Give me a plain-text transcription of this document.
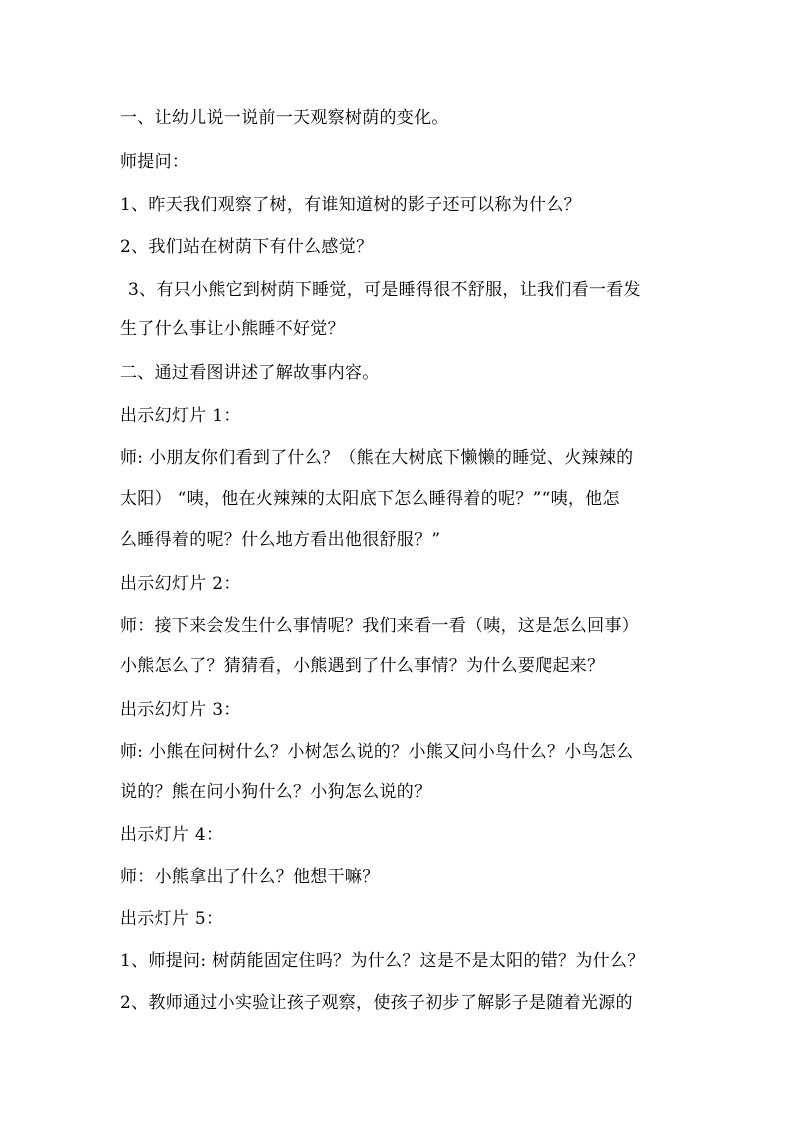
一、让幼儿说一说前一天观察树荫的变化。
师提问：
1、昨天我们观察了树，有谁知道树的影子还可以称为什么？
2、我们站在树荫下有什么感觉？
3、有只小熊它到树荫下睡觉，可是睡得很不舒服，让我们看一看发
生了什么事让小熊睡不好觉？
二、通过看图讲述了解故事内容。
出示幻灯片 1：
师: 小朋友你们看到了什么？（熊在大树底下懒懒的睡觉、火辣辣的
太阳） “咦，他在火辣辣的太阳底下怎么睡得着的呢？”“咦，他怎
么睡得着的呢？什么地方看出他很舒服？”
出示幻灯片 2：
师：接下来会发生什么事情呢？我们来看一看（咦，这是怎么回事）
小熊怎么了？猜猜看，小熊遇到了什么事情？为什么要爬起来？
出示幻灯片 3：
师: 小熊在问树什么？小树怎么说的？小熊又问小鸟什么？小鸟怎么
说的？熊在问小狗什么？小狗怎么说的？
出示灯片 4：
师：小熊拿出了什么？他想干嘛？
出示灯片 5：
1、师提问: 树荫能固定住吗？为什么？这是不是太阳的错？为什么？
2、教师通过小实验让孩子观察，使孩子初步了解影子是随着光源的
